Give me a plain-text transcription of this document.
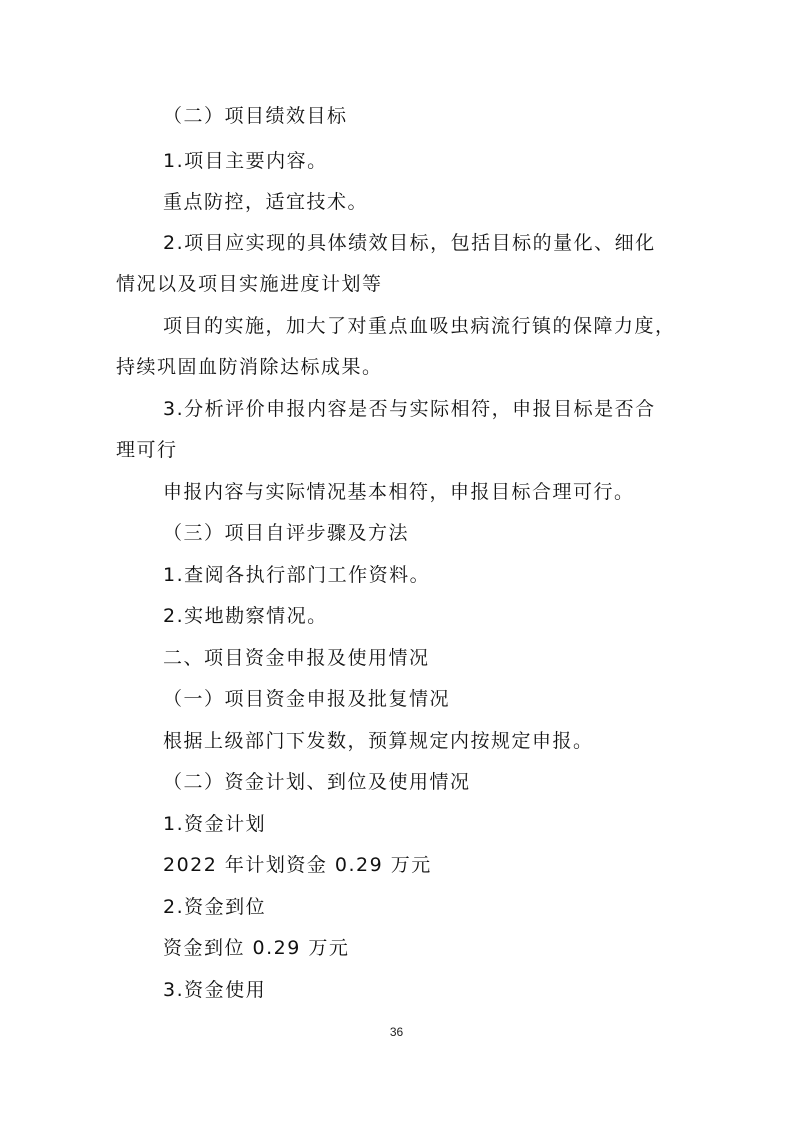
（二）项目绩效目标
1.项目主要内容。
重点防控，适宜技术。
2.项目应实现的具体绩效目标，包括目标的量化、细化
情况以及项目实施进度计划等
项目的实施，加大了对重点血吸虫病流行镇的保障力度，
持续巩固血防消除达标成果。
3.分析评价申报内容是否与实际相符，申报目标是否合
理可行
申报内容与实际情况基本相符，申报目标合理可行。
（三）项目自评步骤及方法
1.查阅各执行部门工作资料。
2.实地勘察情况。
二、项目资金申报及使用情况
（一）项目资金申报及批复情况
根据上级部门下发数，预算规定内按规定申报。
（二）资金计划、到位及使用情况
1.资金计划
2022 年计划资金 0.29 万元
2.资金到位
资金到位 0.29 万元
3.资金使用
36
